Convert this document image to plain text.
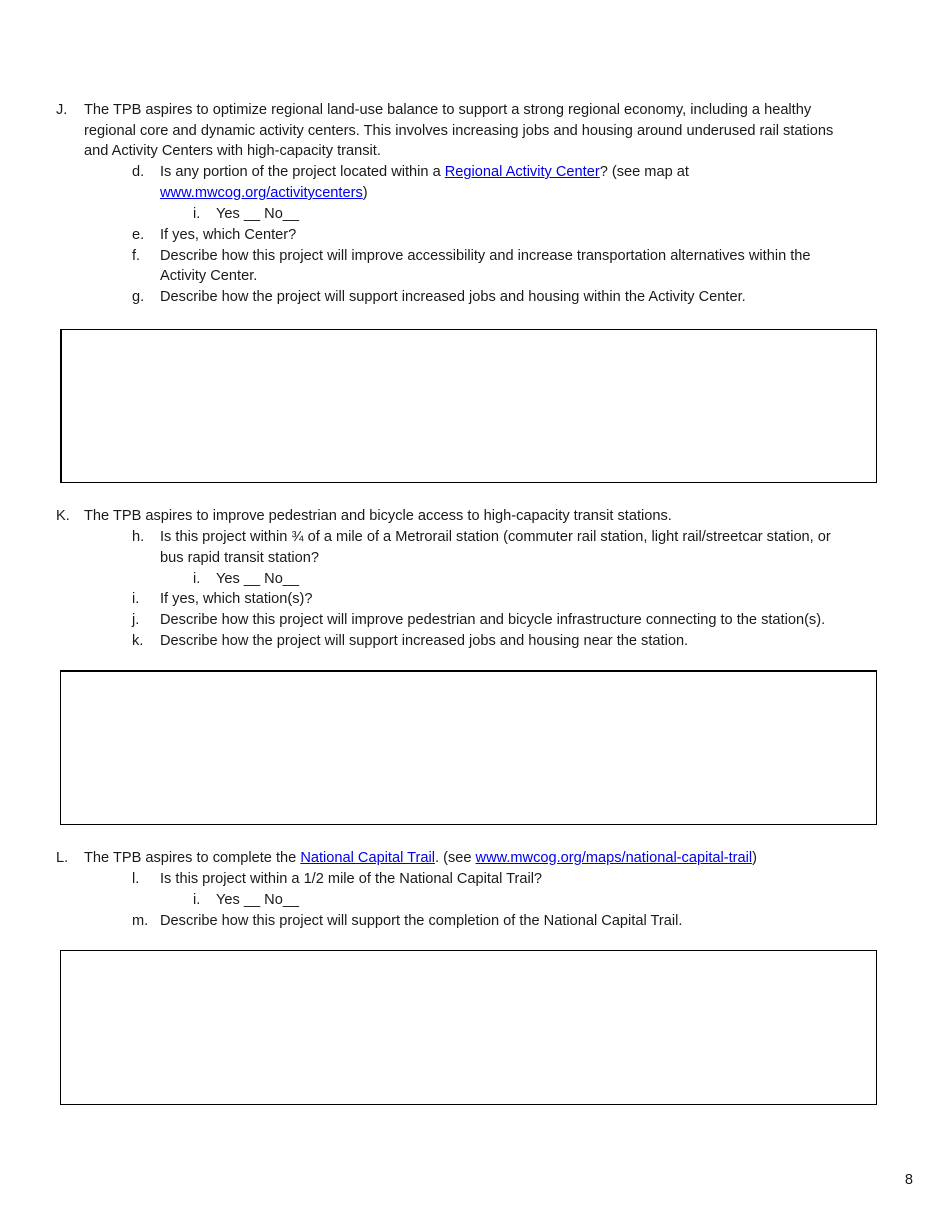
J. The TPB aspires to optimize regional land-use balance to support a strong regional economy, including a healthy
regional core and dynamic activity centers. This involves increasing jobs and housing around underused rail stations
and Activity Centers with high-capacity transit.
d. Is any portion of the project located within a Regional Activity Center? (see map at
www.mwcog.org/activitycenters)
i. Yes __ No__
e. If yes, which Center?
f. Describe how this project will improve accessibility and increase transportation alternatives within the
Activity Center.
g. Describe how the project will support increased jobs and housing within the Activity Center.
K. The TPB aspires to improve pedestrian and bicycle access to high-capacity transit stations.
h. Is this project within ¾ of a mile of a Metrorail station (commuter rail station, light rail/streetcar station, or
bus rapid transit station?
i. Yes __ No__
i. If yes, which station(s)?
j. Describe how this project will improve pedestrian and bicycle infrastructure connecting to the station(s).
k. Describe how the project will support increased jobs and housing near the station.
L. The TPB aspires to complete the National Capital Trail. (see www.mwcog.org/maps/national-capital-trail)
l. Is this project within a 1/2 mile of the National Capital Trail?
i. Yes __ No__
m. Describe how this project will support the completion of the National Capital Trail.
8
